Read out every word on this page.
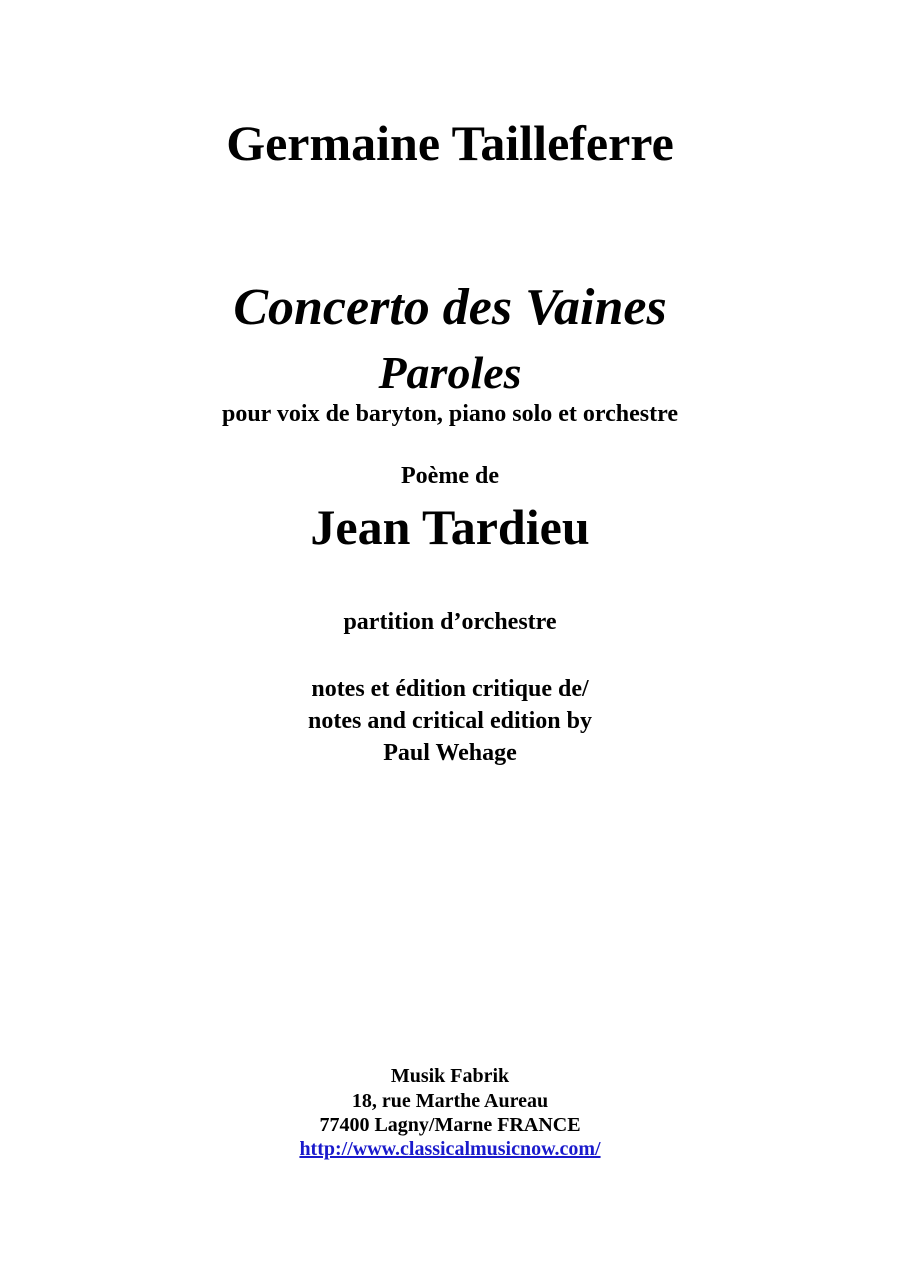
Germaine Tailleferre
Concerto des Vaines
Paroles
pour voix de baryton, piano solo et orchestre
Poème de
Jean Tardieu
partition d’orchestre
notes et édition critique de/
notes and critical edition by
Paul Wehage
Musik Fabrik
18, rue Marthe Aureau
77400 Lagny/Marne FRANCE
http://www.classicalmusicnow.com/
